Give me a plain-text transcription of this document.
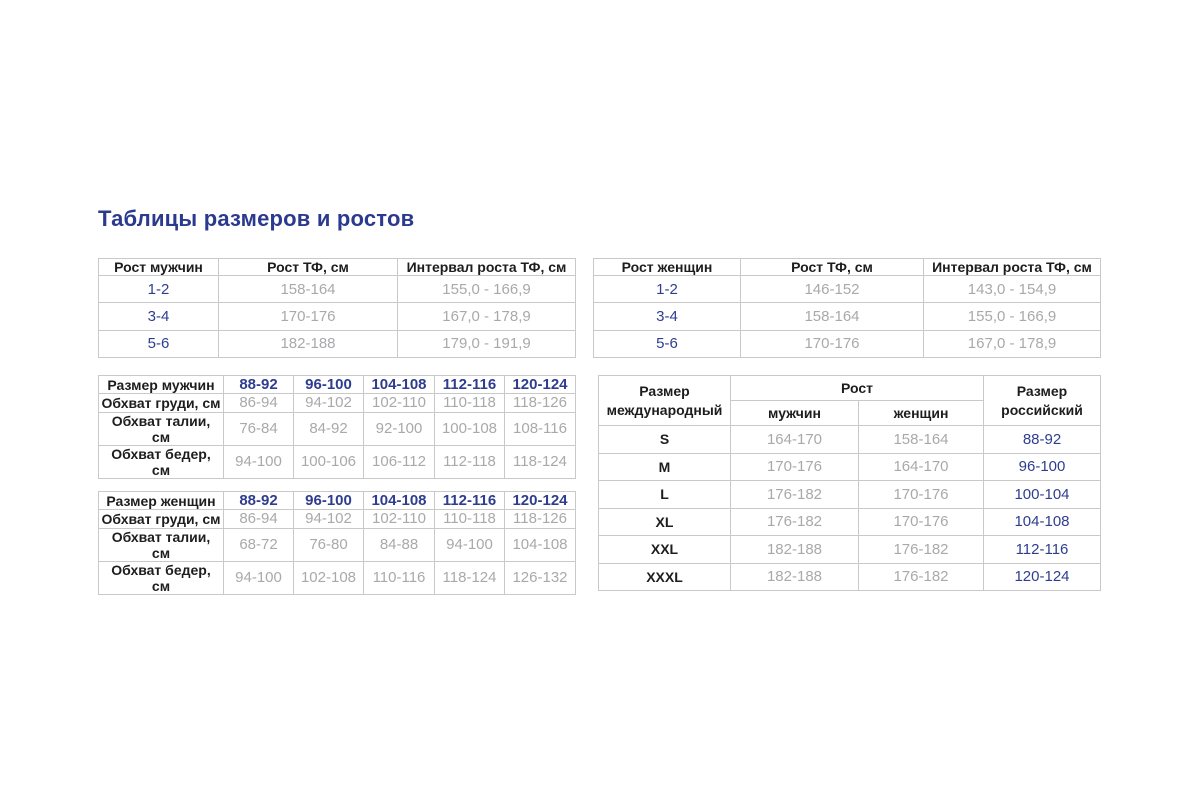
Таблицы размеров и ростов
Рост мужчин	Рост ТФ, см	Интервал роста ТФ, см
1-2	158-164	155,0 - 166,9
3-4	170-176	167,0 - 178,9
5-6	182-188	179,0 - 191,9
Рост женщин	Рост ТФ, см	Интервал роста ТФ, см
1-2	146-152	143,0 - 154,9
3-4	158-164	155,0 - 166,9
5-6	170-176	167,0 - 178,9
Размер мужчин	88-92	96-100	104-108	112-116	120-124
Обхват груди, см	86-94	94-102	102-110	110-118	118-126
Обхват талии, см	76-84	84-92	92-100	100-108	108-116
Обхват бедер, см	94-100	100-106	106-112	112-118	118-124
Размер женщин	88-92	96-100	104-108	112-116	120-124
Обхват груди, см	86-94	94-102	102-110	110-118	118-126
Обхват талии, см	68-72	76-80	84-88	94-100	104-108
Обхват бедер, см	94-100	102-108	110-116	118-124	126-132
Размер международный	Рост		Размер российский
	мужчин	женщин	
S	164-170	158-164	88-92
M	170-176	164-170	96-100
L	176-182	170-176	100-104
XL	176-182	170-176	104-108
XXL	182-188	176-182	112-116
XXXL	182-188	176-182	120-124
